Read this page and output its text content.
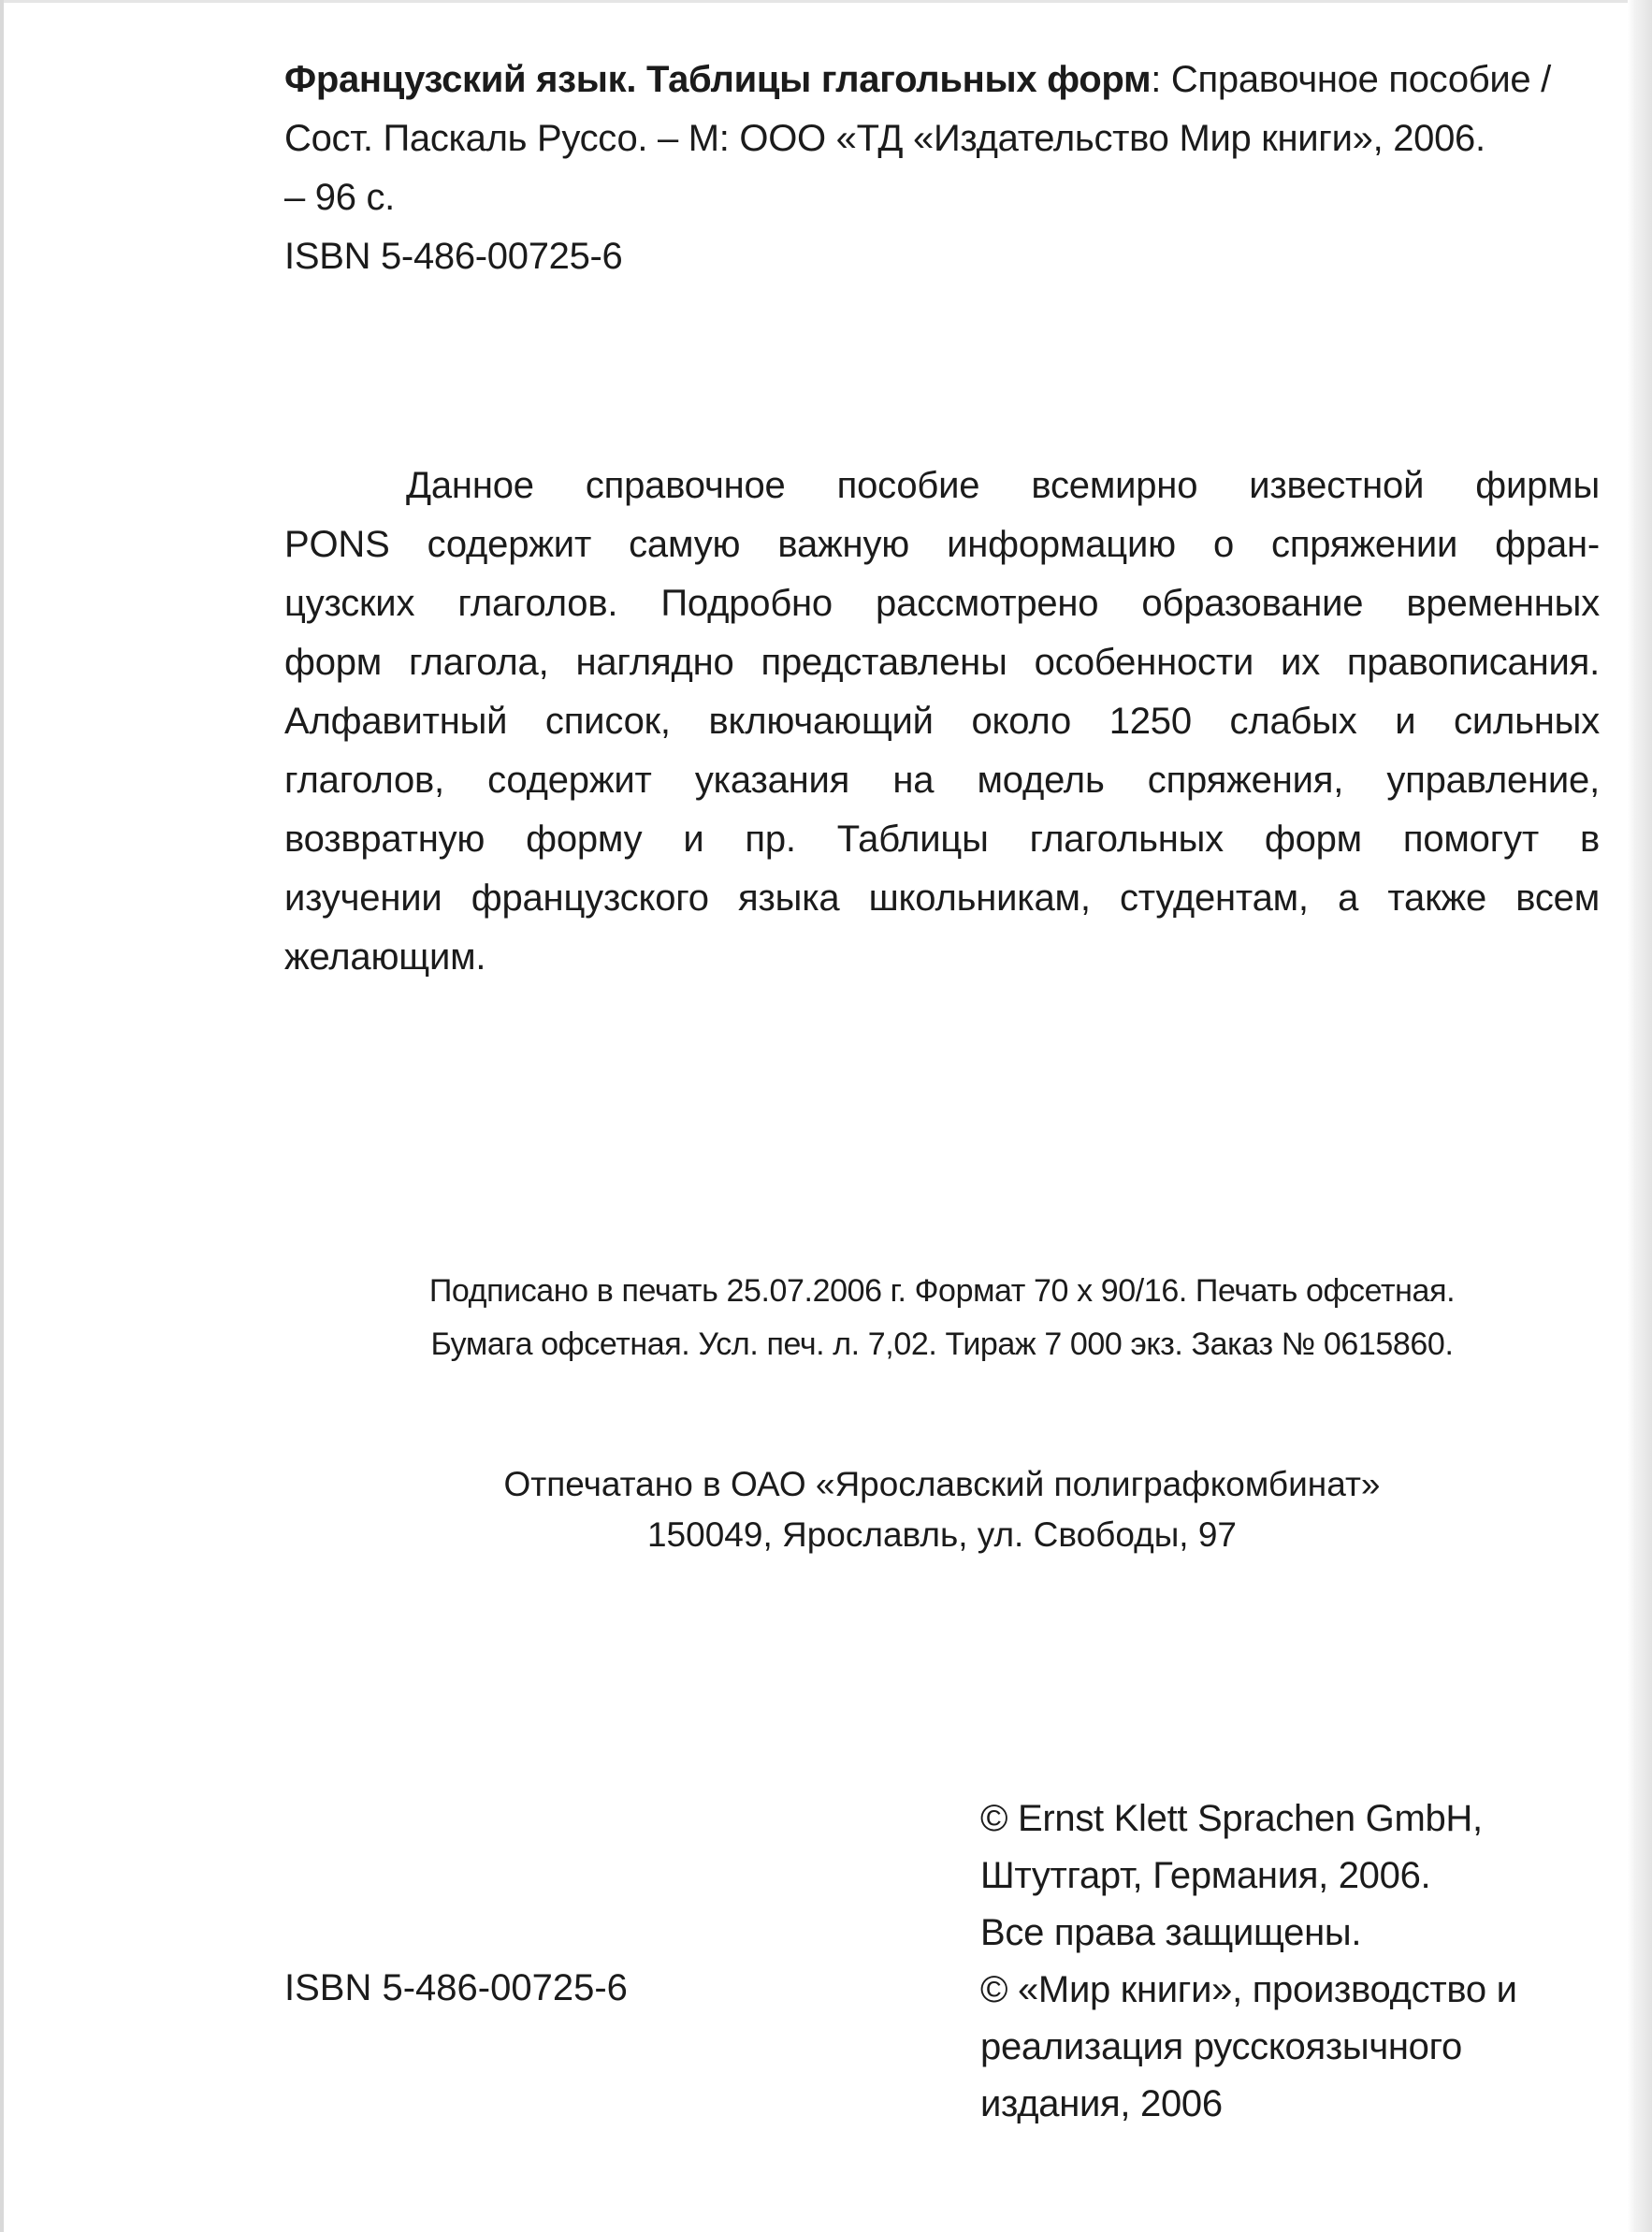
Французский язык. Таблицы глагольных форм: Справочное пособие /
Сост. Паскаль Руссо. – М: ООО «ТД «Издательство Мир книги», 2006.
– 96 с.
ISBN 5-486-00725-6
Данное справочное пособие всемирно известной фирмы
PONS содержит самую важную информацию о спряжении фран-
цузских глаголов. Подробно рассмотрено образование временных
форм глагола, наглядно представлены особенности их правописания.
Алфавитный список, включающий около 1250 слабых и сильных
глаголов, содержит указания на модель спряжения, управление,
возвратную форму и пр. Таблицы глагольных форм помогут в
изучении французского языка школьникам, студентам, а также всем
желающим.
Подписано в печать 25.07.2006 г. Формат 70 x 90/16. Печать офсетная.
Бумага офсетная. Усл. печ. л. 7,02. Тираж 7 000 экз. Заказ № 0615860.
Отпечатано в ОАО «Ярославский полиграфкомбинат»
150049, Ярославль, ул. Свободы, 97
ISBN 5-486-00725-6
© Ernst Klett Sprachen GmbH,
Штутгарт, Германия, 2006.
Все права защищены.
© «Мир книги», производство и
реализация русскоязычного
издания, 2006
